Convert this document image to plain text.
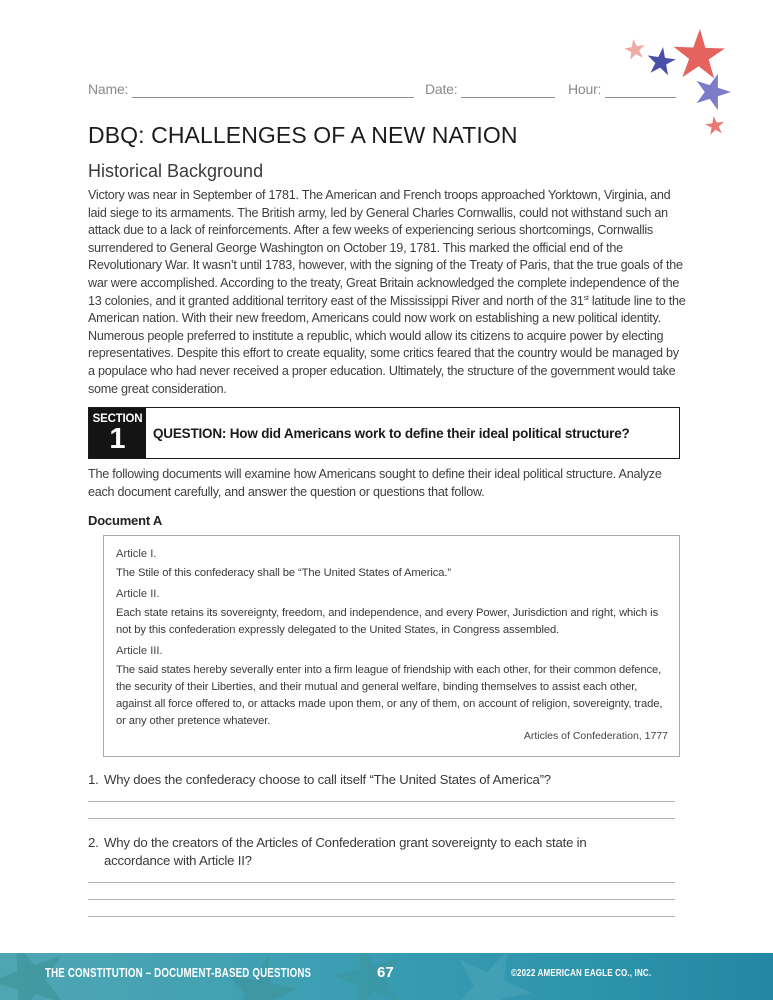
Name:	Date:	Hour:
DBQ: CHALLENGES OF A NEW NATION
Historical Background

Victory was near in September of 1781. The American and French troops approached Yorktown, Virginia, and laid siege to its armaments. The British army, led by General Charles Cornwallis, could not withstand such an attack due to a lack of reinforcements. After a few weeks of experiencing serious shortcomings, Cornwallis surrendered to General George Washington on October 19, 1781. This marked the official end of the Revolutionary War. It wasn’t until 1783, however, with the signing of the Treaty of Paris, that the true goals of the war were accomplished. According to the treaty, Great Britain acknowledged the complete independence of the 13 colonies, and it granted additional territory east of the Mississippi River and north of the 31st latitude line to the American nation. With their new freedom, Americans could now work on establishing a new political identity. Numerous people preferred to institute a republic, which would allow its citizens to acquire power by electing representatives. Despite this effort to create equality, some critics feared that the country would be managed by a populace who had never received a proper education. Ultimately, the structure of the government would take some great consideration.

SECTION
1	QUESTION: How did Americans work to define their ideal political structure?

The following documents will examine how Americans sought to define their ideal political structure. Analyze each document carefully, and answer the question or questions that follow.

Document A
Article I.
The Stile of this confederacy shall be “The United States of America.”
Article II.
Each state retains its sovereignty, freedom, and independence, and every Power, Jurisdiction and right, which is not by this confederation expressly delegated to the United States, in Congress assembled.
Article III.
The said states hereby severally enter into a firm league of friendship with each other, for their common defence, the security of their Liberties, and their mutual and general welfare, binding themselves to assist each other, against all force offered to, or attacks made upon them, or any of them, on account of religion, sovereignty, trade, or any other pretence whatever.
Articles of Confederation, 1777
1. Why does the confederacy choose to call itself “The United States of America”?
2. Why do the creators of the Articles of Confederation grant sovereignty to each state in
accordance with Article II?
THE CONSTITUTION – DOCUMENT-BASED QUESTIONS	67	©2022 AMERICAN EAGLE CO., INC.
